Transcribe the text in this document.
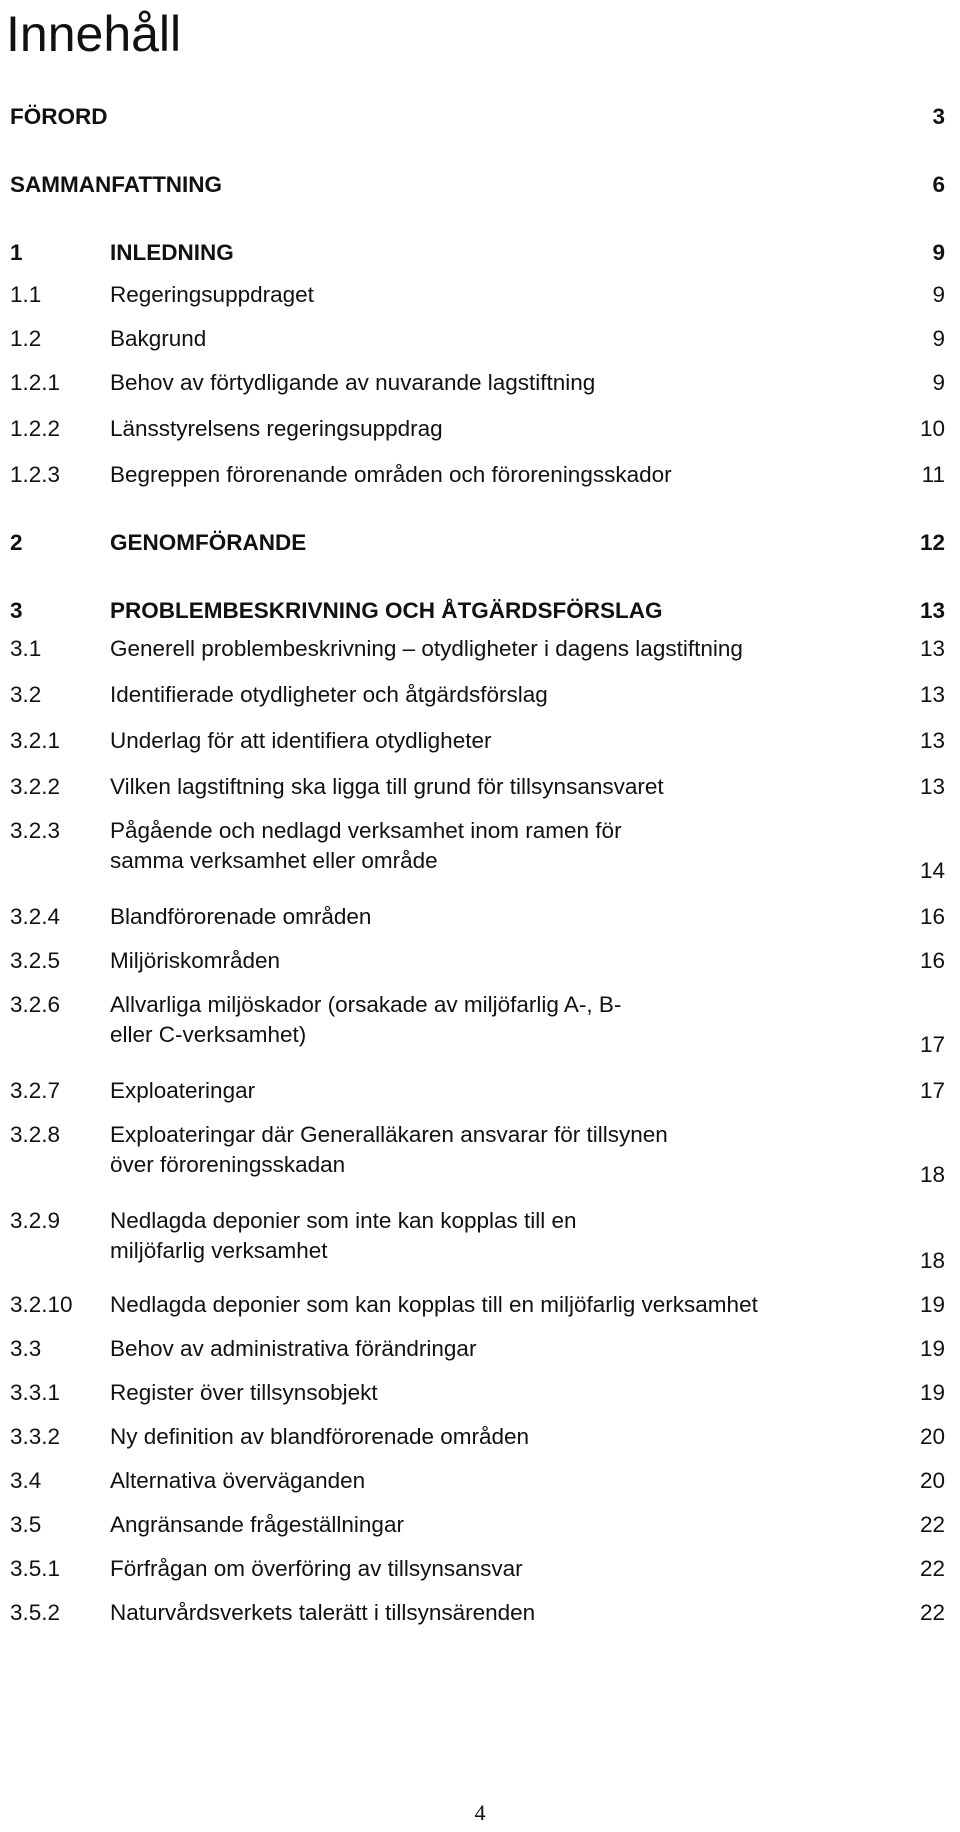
Innehåll
FÖRORD	3
SAMMANFATTNING	6
1	INLEDNING	9
1.1	Regeringsuppdraget	9
1.2	Bakgrund	9
1.2.1 Behov av förtydligande av nuvarande lagstiftning	9
1.2.2 Länsstyrelsens regeringsuppdrag	10
1.2.3 Begreppen förorenande områden och föroreningsskador	11
2	GENOMFÖRANDE	12
3	PROBLEMBESKRIVNING OCH ÅTGÄRDSFÖRSLAG	13
3.1	Generell problembeskrivning – otydligheter i dagens lagstiftning	13
3.2	Identifierade otydligheter och åtgärdsförslag	13
3.2.1 Underlag för att identifiera otydligheter	13
3.2.2 Vilken lagstiftning ska ligga till grund för tillsynsansvaret	13
3.2.3 Pågående och nedlagd verksamhet inom ramen för samma verksamhet eller område	14
3.2.4 Blandförorenade områden	16
3.2.5 Miljöriskområden	16
3.2.6 Allvarliga miljöskador (orsakade av miljöfarlig A-, B- eller C-verksamhet)	17
3.2.7 Exploateringar	17
3.2.8 Exploateringar där Generalläkaren ansvarar för tillsynen över föroreningsskadan	18
3.2.9 Nedlagda deponier som inte kan kopplas till en miljöfarlig verksamhet	18
3.2.10 Nedlagda deponier som kan kopplas till en miljöfarlig verksamhet	19
3.3	Behov av administrativa förändringar	19
3.3.1 Register över tillsynsobjekt	19
3.3.2 Ny definition av blandförorenade områden	20
3.4	Alternativa överväganden	20
3.5	Angränsande frågeställningar	22
3.5.1 Förfrågan om överföring av tillsynsansvar	22
3.5.2 Naturvårdsverkets talerätt i tillsynsärenden	22
4
